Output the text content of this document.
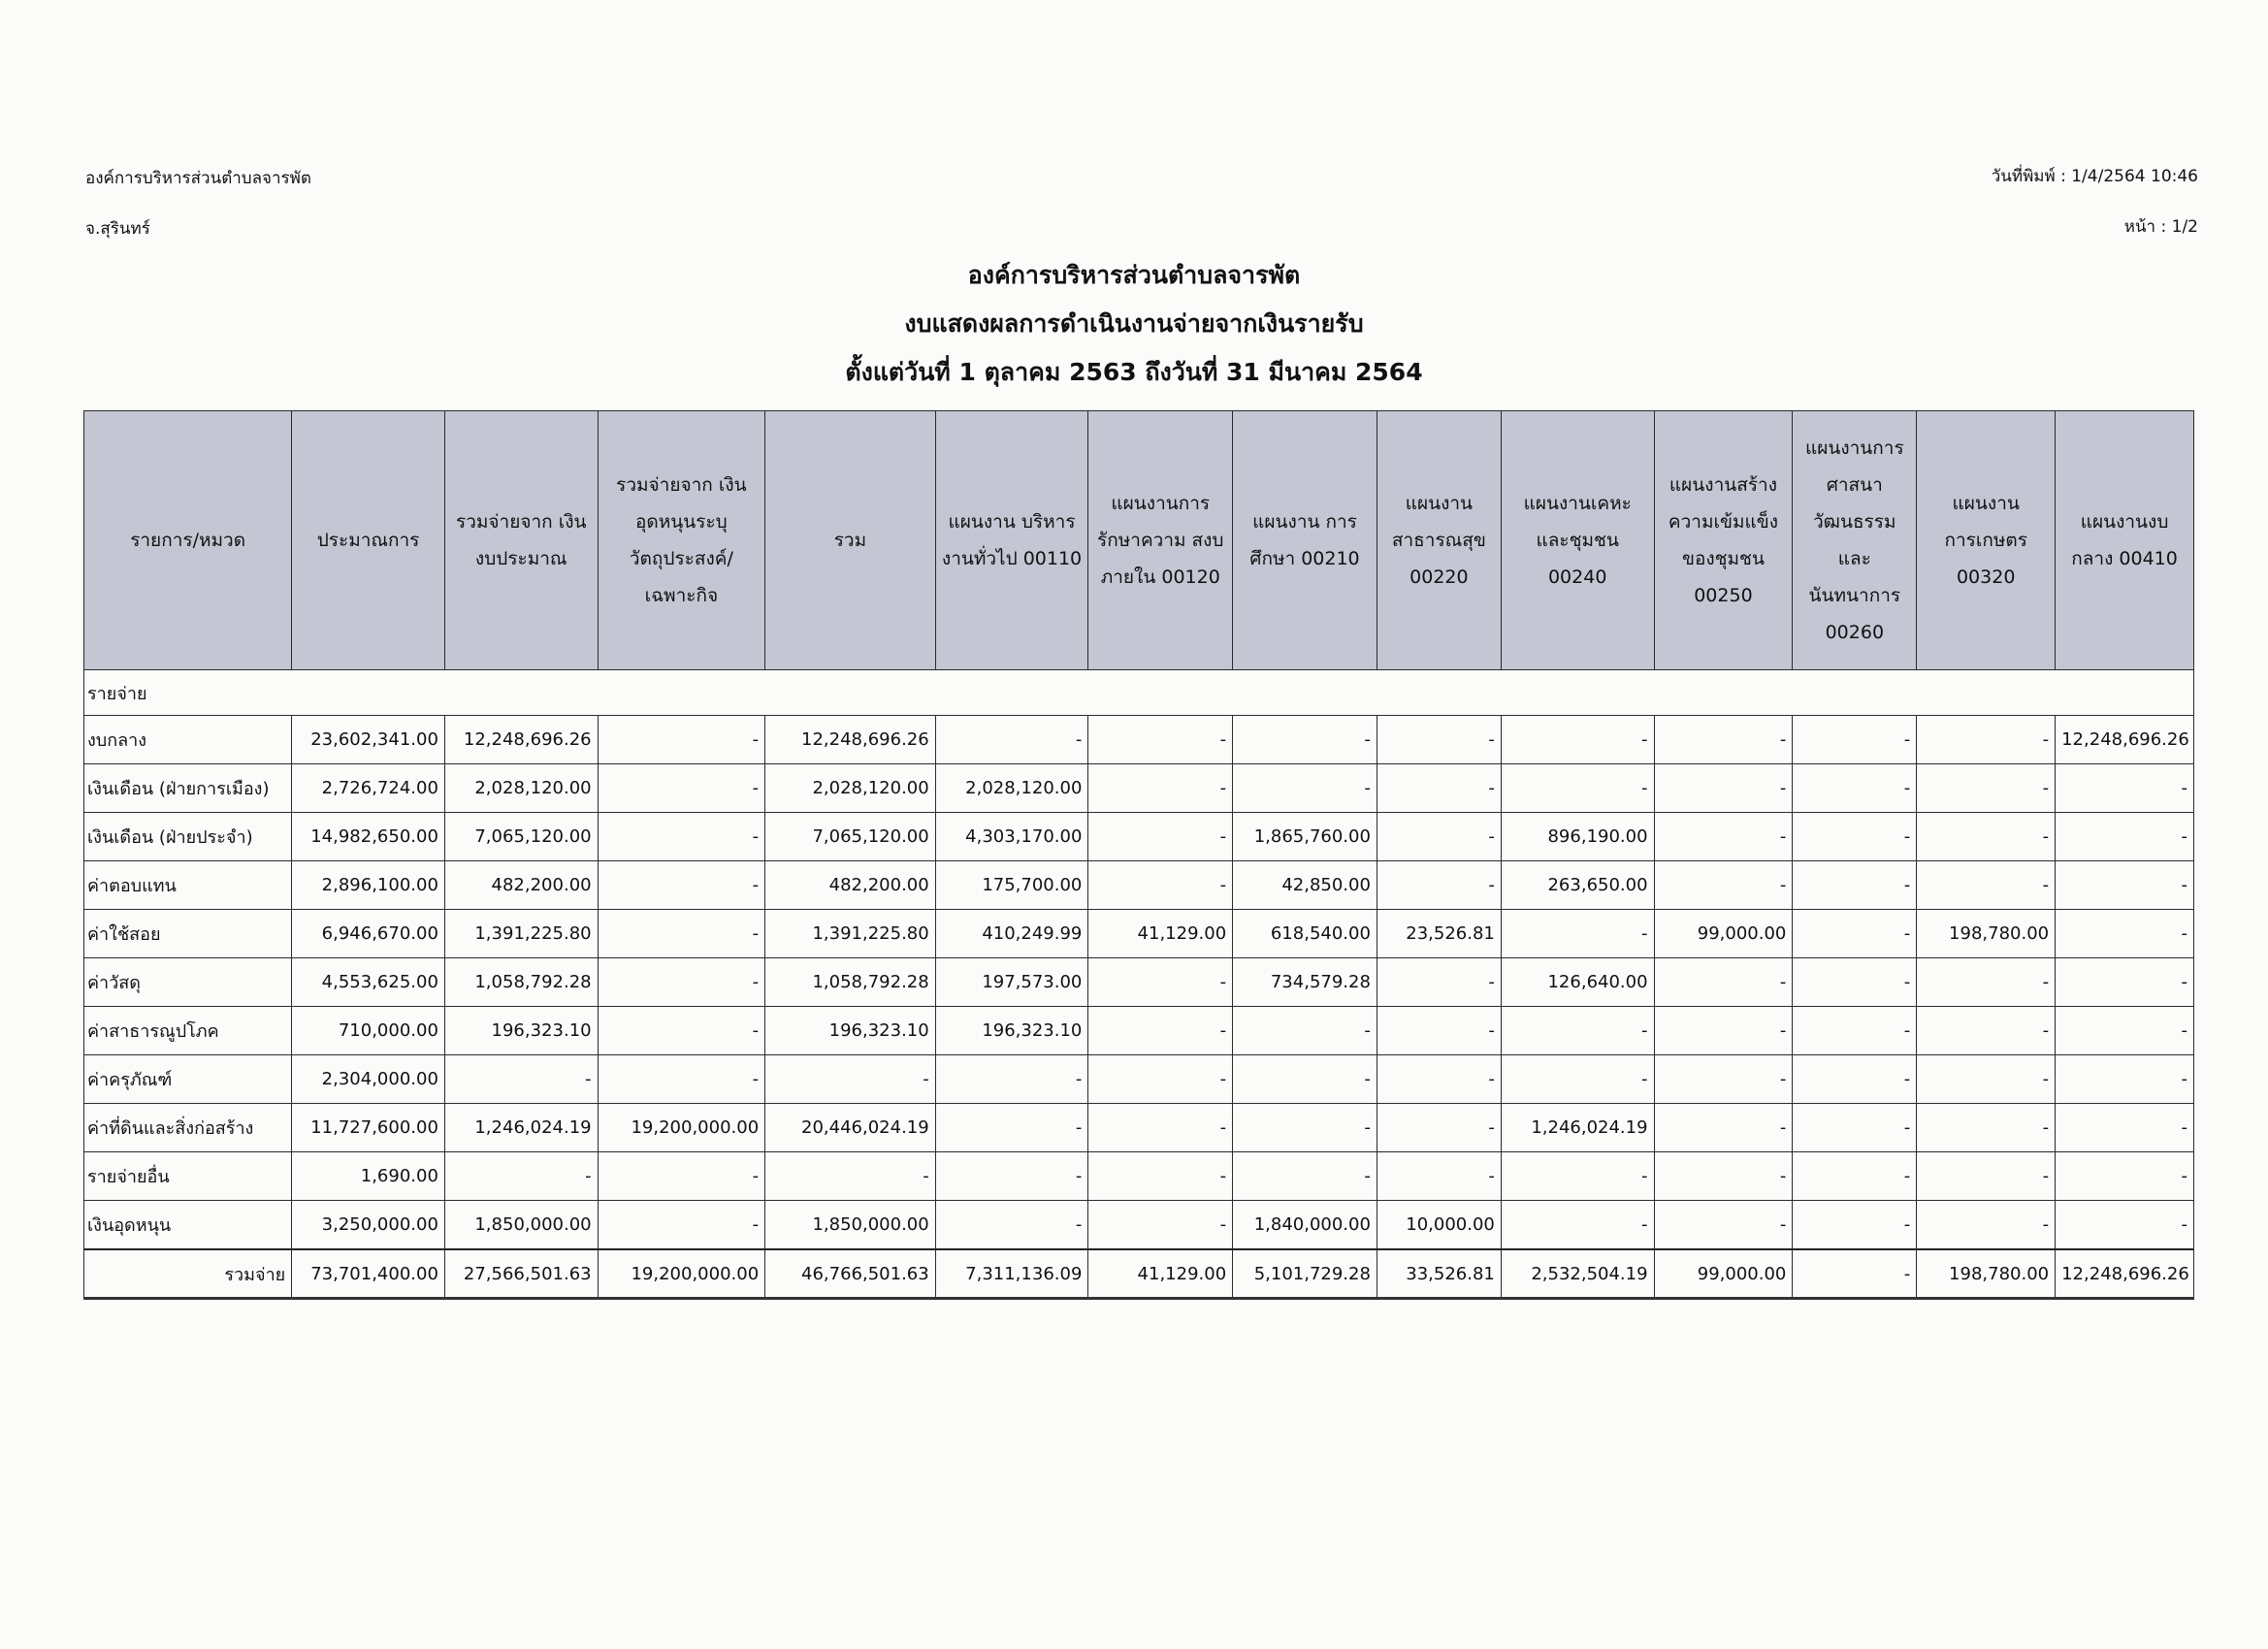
องค์การบริหารส่วนตำบลจารพัต
จ.สุรินทร์
วันที่พิมพ์ : 1/4/2564 10:46
หน้า : 1/2
องค์การบริหารส่วนตำบลจารพัต
งบแสดงผลการดำเนินงานจ่ายจากเงินรายรับ
ตั้งแต่วันที่ 1 ตุลาคม 2563 ถึงวันที่ 31 มีนาคม 2564
รายการ/หมวด	ประมาณการ	รวมจ่ายจาก เงินงบประมาณ	รวมจ่ายจาก เงินอุดหนุนระบุ วัตถุประสงค์/ เฉพาะกิจ	รวม	แผนงาน บริหารงานทั่วไป 00110	แผนงานการ รักษาความ สงบภายใน 00120	แผนงาน การศึกษา 00210	แผนงาน สาธารณสุข 00220	แผนงานเคหะ และชุมชน 00240	แผนงานสร้าง ความเข้มแข็ง ของชุมชน 00250	แผนงานการ ศาสนา วัฒนธรรม และ นันทนาการ 00260	แผนงาน การเกษตร 00320	แผนงานงบ กลาง 00410
รายจ่าย													
งบกลาง	23,602,341.00	12,248,696.26	-	12,248,696.26	-	-	-	-	-	-	-	-	12,248,696.26
เงินเดือน (ฝ่ายการเมือง)	2,726,724.00	2,028,120.00	-	2,028,120.00	2,028,120.00	-	-	-	-	-	-	-	-
เงินเดือน (ฝ่ายประจำ)	14,982,650.00	7,065,120.00	-	7,065,120.00	4,303,170.00	-	1,865,760.00	-	896,190.00	-	-	-	-
ค่าตอบแทน	2,896,100.00	482,200.00	-	482,200.00	175,700.00	-	42,850.00	-	263,650.00	-	-	-	-
ค่าใช้สอย	6,946,670.00	1,391,225.80	-	1,391,225.80	410,249.99	41,129.00	618,540.00	23,526.81	-	99,000.00	-	198,780.00	-
ค่าวัสดุ	4,553,625.00	1,058,792.28	-	1,058,792.28	197,573.00	-	734,579.28	-	126,640.00	-	-	-	-
ค่าสาธารณูปโภค	710,000.00	196,323.10	-	196,323.10	196,323.10	-	-	-	-	-	-	-	-
ค่าครุภัณฑ์	2,304,000.00	-	-	-	-	-	-	-	-	-	-	-	-
ค่าที่ดินและสิ่งก่อสร้าง	11,727,600.00	1,246,024.19	19,200,000.00	20,446,024.19	-	-	-	-	1,246,024.19	-	-	-	-
รายจ่ายอื่น	1,690.00	-	-	-	-	-	-	-	-	-	-	-	-
เงินอุดหนุน	3,250,000.00	1,850,000.00	-	1,850,000.00	-	-	1,840,000.00	10,000.00	-	-	-	-	-
รวมจ่าย	73,701,400.00	27,566,501.63	19,200,000.00	46,766,501.63	7,311,136.09	41,129.00	5,101,729.28	33,526.81	2,532,504.19	99,000.00	-	198,780.00	12,248,696.26
